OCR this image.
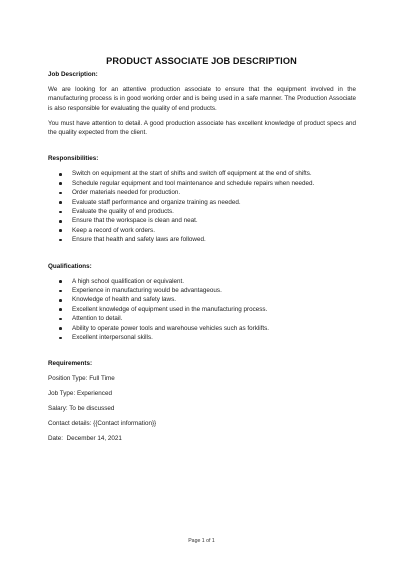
PRODUCT ASSOCIATE JOB DESCRIPTION

Job Description:

We are looking for an attentive production associate to ensure that the equipment involved in the manufacturing process is in good working order and is being used in a safe manner. The Production Associate is also responsible for evaluating the quality of end products.

You must have attention to detail. A good production associate has excellent knowledge of product specs and the quality expected from the client.

Responsibilities:

Switch on equipment at the start of shifts and switch off equipment at the end of shifts.
Schedule regular equipment and tool maintenance and schedule repairs when needed.
Order materials needed for production.
Evaluate staff performance and organize training as needed.
Evaluate the quality of end products.
Ensure that the workspace is clean and neat.
Keep a record of work orders.
Ensure that health and safety laws are followed.

Qualifications:

A high school qualification or equivalent.
Experience in manufacturing would be advantageous.
Knowledge of health and safety laws.
Excellent knowledge of equipment used in the manufacturing process.
Attention to detail.
Ability to operate power tools and warehouse vehicles such as forklifts.
Excellent interpersonal skills.

Requirements:

Position Type: Full Time

Job Type: Experienced

Salary: To be discussed

Contact details: {{Contact information}}

Date:  December 14, 2021

Page 1 of 1
